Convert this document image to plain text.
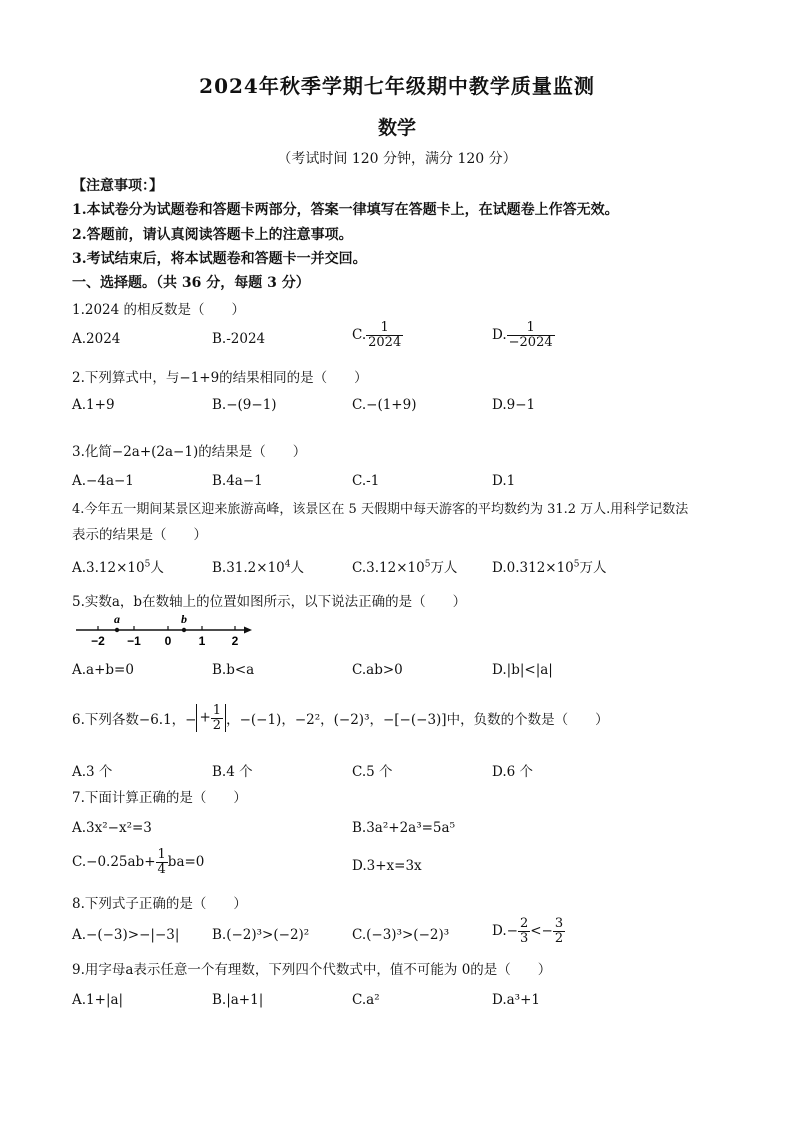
2024年秋季学期七年级期中教学质量监测
数学
（考试时间 120 分钟，满分 120 分）
【注意事项：】
1.本试卷分为试题卷和答题卡两部分，答案一律填写在答题卡上，在试题卷上作答无效。
2.答题前，请认真阅读答题卡上的注意事项。
3.考试结束后，将本试题卷和答题卡一并交回。
一、选择题。（共 36 分，每题 3 分）
1.2024 的相反数是（　　）
A.2024	B.-2024	C. $\frac{1}{2024}$	D. $\frac{1}{-2024}$
2.下列算式中，与−1+9的结果相同的是（　　）
A.1+9	B.−(9−1)	C.−(1+9)	D.9−1
3.化简−2a+(2a−1)的结果是（　　）
A.−4a−1	B.4a−1	C.-1	D.1
4.今年五一期间某景区迎来旅游高峰，该景区在 5 天假期中每天游客的平均数约为 31.2 万人.用科学记数法
表示的结果是（　　）
$A.3.12\times 10^5$人	$B.31.2\times 10^4$人	$C.3.12\times 10^5$万人	$D.0.312\times 10^5$万人
5.实数a，b在数轴上的位置如图所示，以下说法正确的是（　　）
−2 −1 0 1 2
a	b
A.a+b=0	B.b<a	C.ab>0	D.|b|<|a|
6.下列各数−6.1，− + $\frac{1}{2}$ ，−(−1)，−2²，(−2)³，−[−(−3)]中，负数的个数是（　　）
A.3 个	B.4 个	C.5 个	D.6 个
7.下面计算正确的是（　　）
A.3x²−x²=3	B.3a²+2a³=5a⁵
$C.-0.25ab+ \frac{1}{4} ba=0$	D.3+x=3x
8.下列式子正确的是（　　）
A.−(−3)>−|−3| B.(−2)³>(−2)²	C.(−3)³>(−2)³	$D.- \frac{2}{3} <- \frac{3}{2}$
9.用字母a表示任意一个有理数，下列四个代数式中，值不可能为 0的是（　　）
A.1+|a|	B.|a+1|	C.a²	D.a³+1
